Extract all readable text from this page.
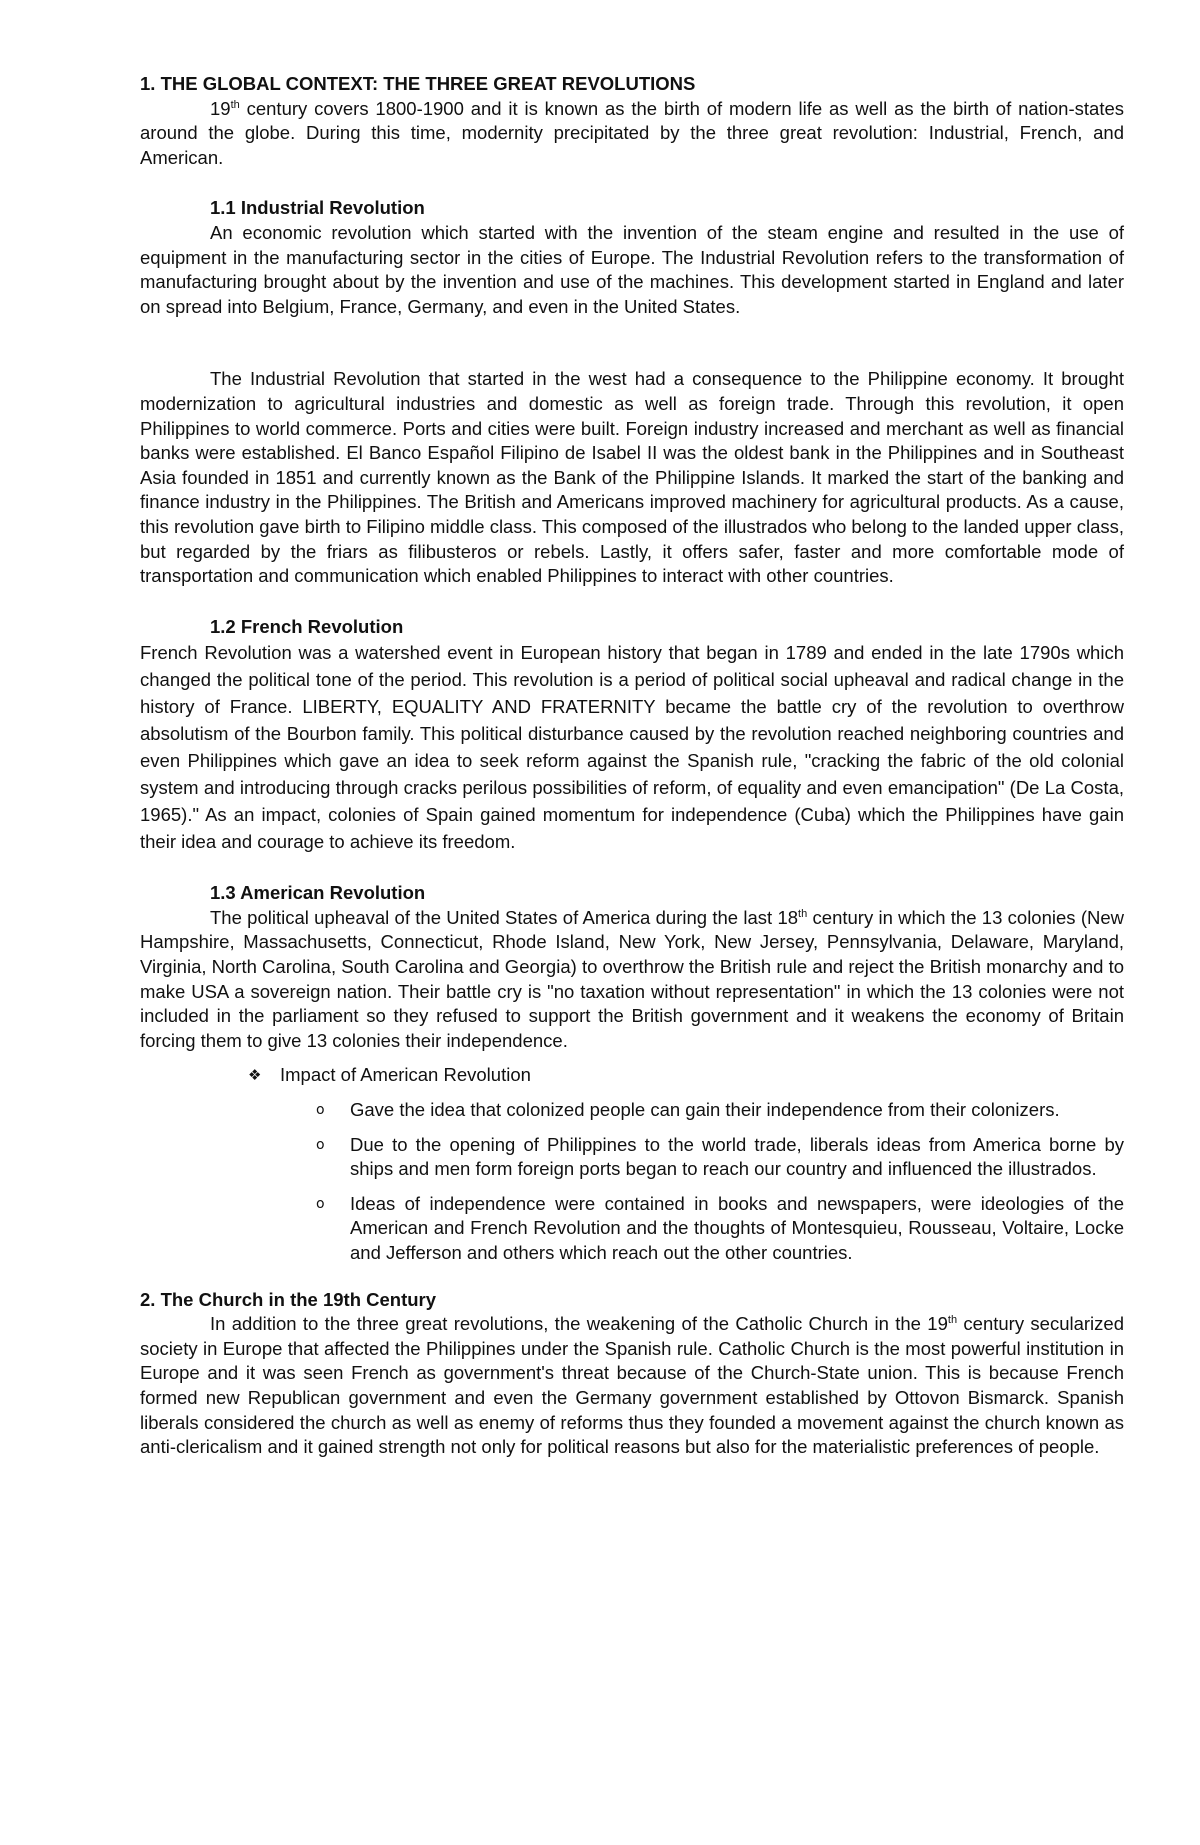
1. THE GLOBAL CONTEXT: THE THREE GREAT REVOLUTIONS

19th century covers 1800-1900 and it is known as the birth of modern life as well as the birth of nation-states around the globe. During this time, modernity precipitated by the three great revolution: Industrial, French, and American.

1.1 Industrial Revolution

An economic revolution which started with the invention of the steam engine and resulted in the use of equipment in the manufacturing sector in the cities of Europe. The Industrial Revolution refers to the transformation of manufacturing brought about by the invention and use of the machines. This development started in England and later on spread into Belgium, France, Germany, and even in the United States.

The Industrial Revolution that started in the west had a consequence to the Philippine economy. It brought modernization to agricultural industries and domestic as well as foreign trade. Through this revolution, it open Philippines to world commerce. Ports and cities were built. Foreign industry increased and merchant as well as financial banks were established. El Banco Español Filipino de Isabel II was the oldest bank in the Philippines and in Southeast Asia founded in 1851 and currently known as the Bank of the Philippine Islands. It marked the start of the banking and finance industry in the Philippines. The British and Americans improved machinery for agricultural products. As a cause, this revolution gave birth to Filipino middle class. This composed of the illustrados who belong to the landed upper class, but regarded by the friars as filibusteros or rebels. Lastly, it offers safer, faster and more comfortable mode of transportation and communication which enabled Philippines to interact with other countries.

1.2 French Revolution

French Revolution was a watershed event in European history that began in 1789 and ended in the late 1790s which changed the political tone of the period. This revolution is a period of political social upheaval and radical change in the history of France. LIBERTY, EQUALITY AND FRATERNITY became the battle cry of the revolution to overthrow absolutism of the Bourbon family. This political disturbance caused by the revolution reached neighboring countries and even Philippines which gave an idea to seek reform against the Spanish rule, "cracking the fabric of the old colonial system and introducing through cracks perilous possibilities of reform, of equality and even emancipation" (De La Costa, 1965)." As an impact, colonies of Spain gained momentum for independence (Cuba) which the Philippines have gain their idea and courage to achieve its freedom.

1.3 American Revolution

The political upheaval of the United States of America during the last 18th century in which the 13 colonies (New Hampshire, Massachusetts, Connecticut, Rhode Island, New York, New Jersey, Pennsylvania, Delaware, Maryland, Virginia, North Carolina, South Carolina and Georgia) to overthrow the British rule and reject the British monarchy and to make USA a sovereign nation. Their battle cry is "no taxation without representation" in which the 13 colonies were not included in the parliament so they refused to support the British government and it weakens the economy of Britain forcing them to give 13 colonies their independence.

❖	Impact of American Revolution
o Gave the idea that colonized people can gain their independence from their colonizers.
o Due to the opening of Philippines to the world trade, liberals ideas from America borne by ships and men form foreign ports began to reach our country and influenced the illustrados.
o Ideas of independence were contained in books and newspapers, were ideologies of the American and French Revolution and the thoughts of Montesquieu, Rousseau, Voltaire, Locke and Jefferson and others which reach out the other countries.

2. The Church in the 19th Century

In addition to the three great revolutions, the weakening of the Catholic Church in the 19th century secularized society in Europe that affected the Philippines under the Spanish rule. Catholic Church is the most powerful institution in Europe and it was seen French as government's threat because of the Church-State union. This is because French formed new Republican government and even the Germany government established by Ottovon Bismarck. Spanish liberals considered the church as well as enemy of reforms thus they founded a movement against the church known as anti-clericalism and it gained strength not only for political reasons but also for the materialistic preferences of people.
